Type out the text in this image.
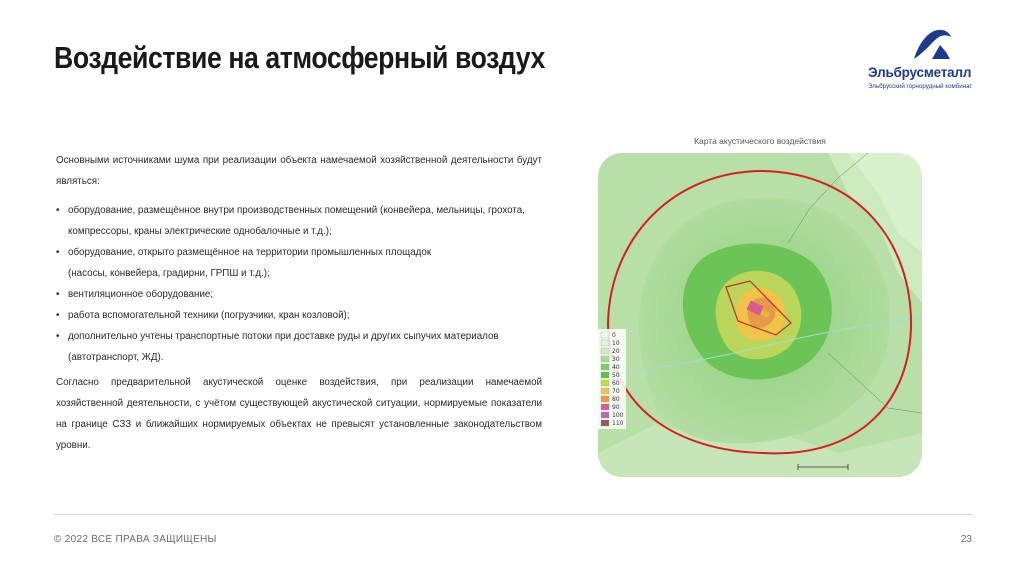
Воздействие на атмосферный воздух	Эльбрусметалл
Эльбрусский горнорудный комбинат

Основными источниками шума при реализации объекта намечаемой хозяйственной деятельности будут являться:

• оборудование, размещённое внутри производственных помещений (конвейера, мельницы, грохота,
компрессоры, краны электрические однобалочные и т.д.);
• оборудование, открыто размещённое на территории промышленных площадок
(насосы, конвейера, градирни, ГРПШ и т.д.);
• вентиляционное оборудование;
• работа вспомогательной техники (погрузчики, кран козловой);
• дополнительно учтены транспортные потоки при доставке руды и других сыпучих материалов
(автотранспорт, ЖД).

Согласно предварительной акустической оценке воздействия, при реализации намечаемой хозяйственной деятельности, с учётом существующей акустической ситуации, нормируемые показатели на границе СЗЗ и ближайших нормируемых объектах не превысят установленные законодательством уровни.

Карта акустического воздействия
0
10
20
30
40
50
60
70
80
90
100
110
© 2022 ВСЕ ПРАВА ЗАЩИЩЕНЫ	23
